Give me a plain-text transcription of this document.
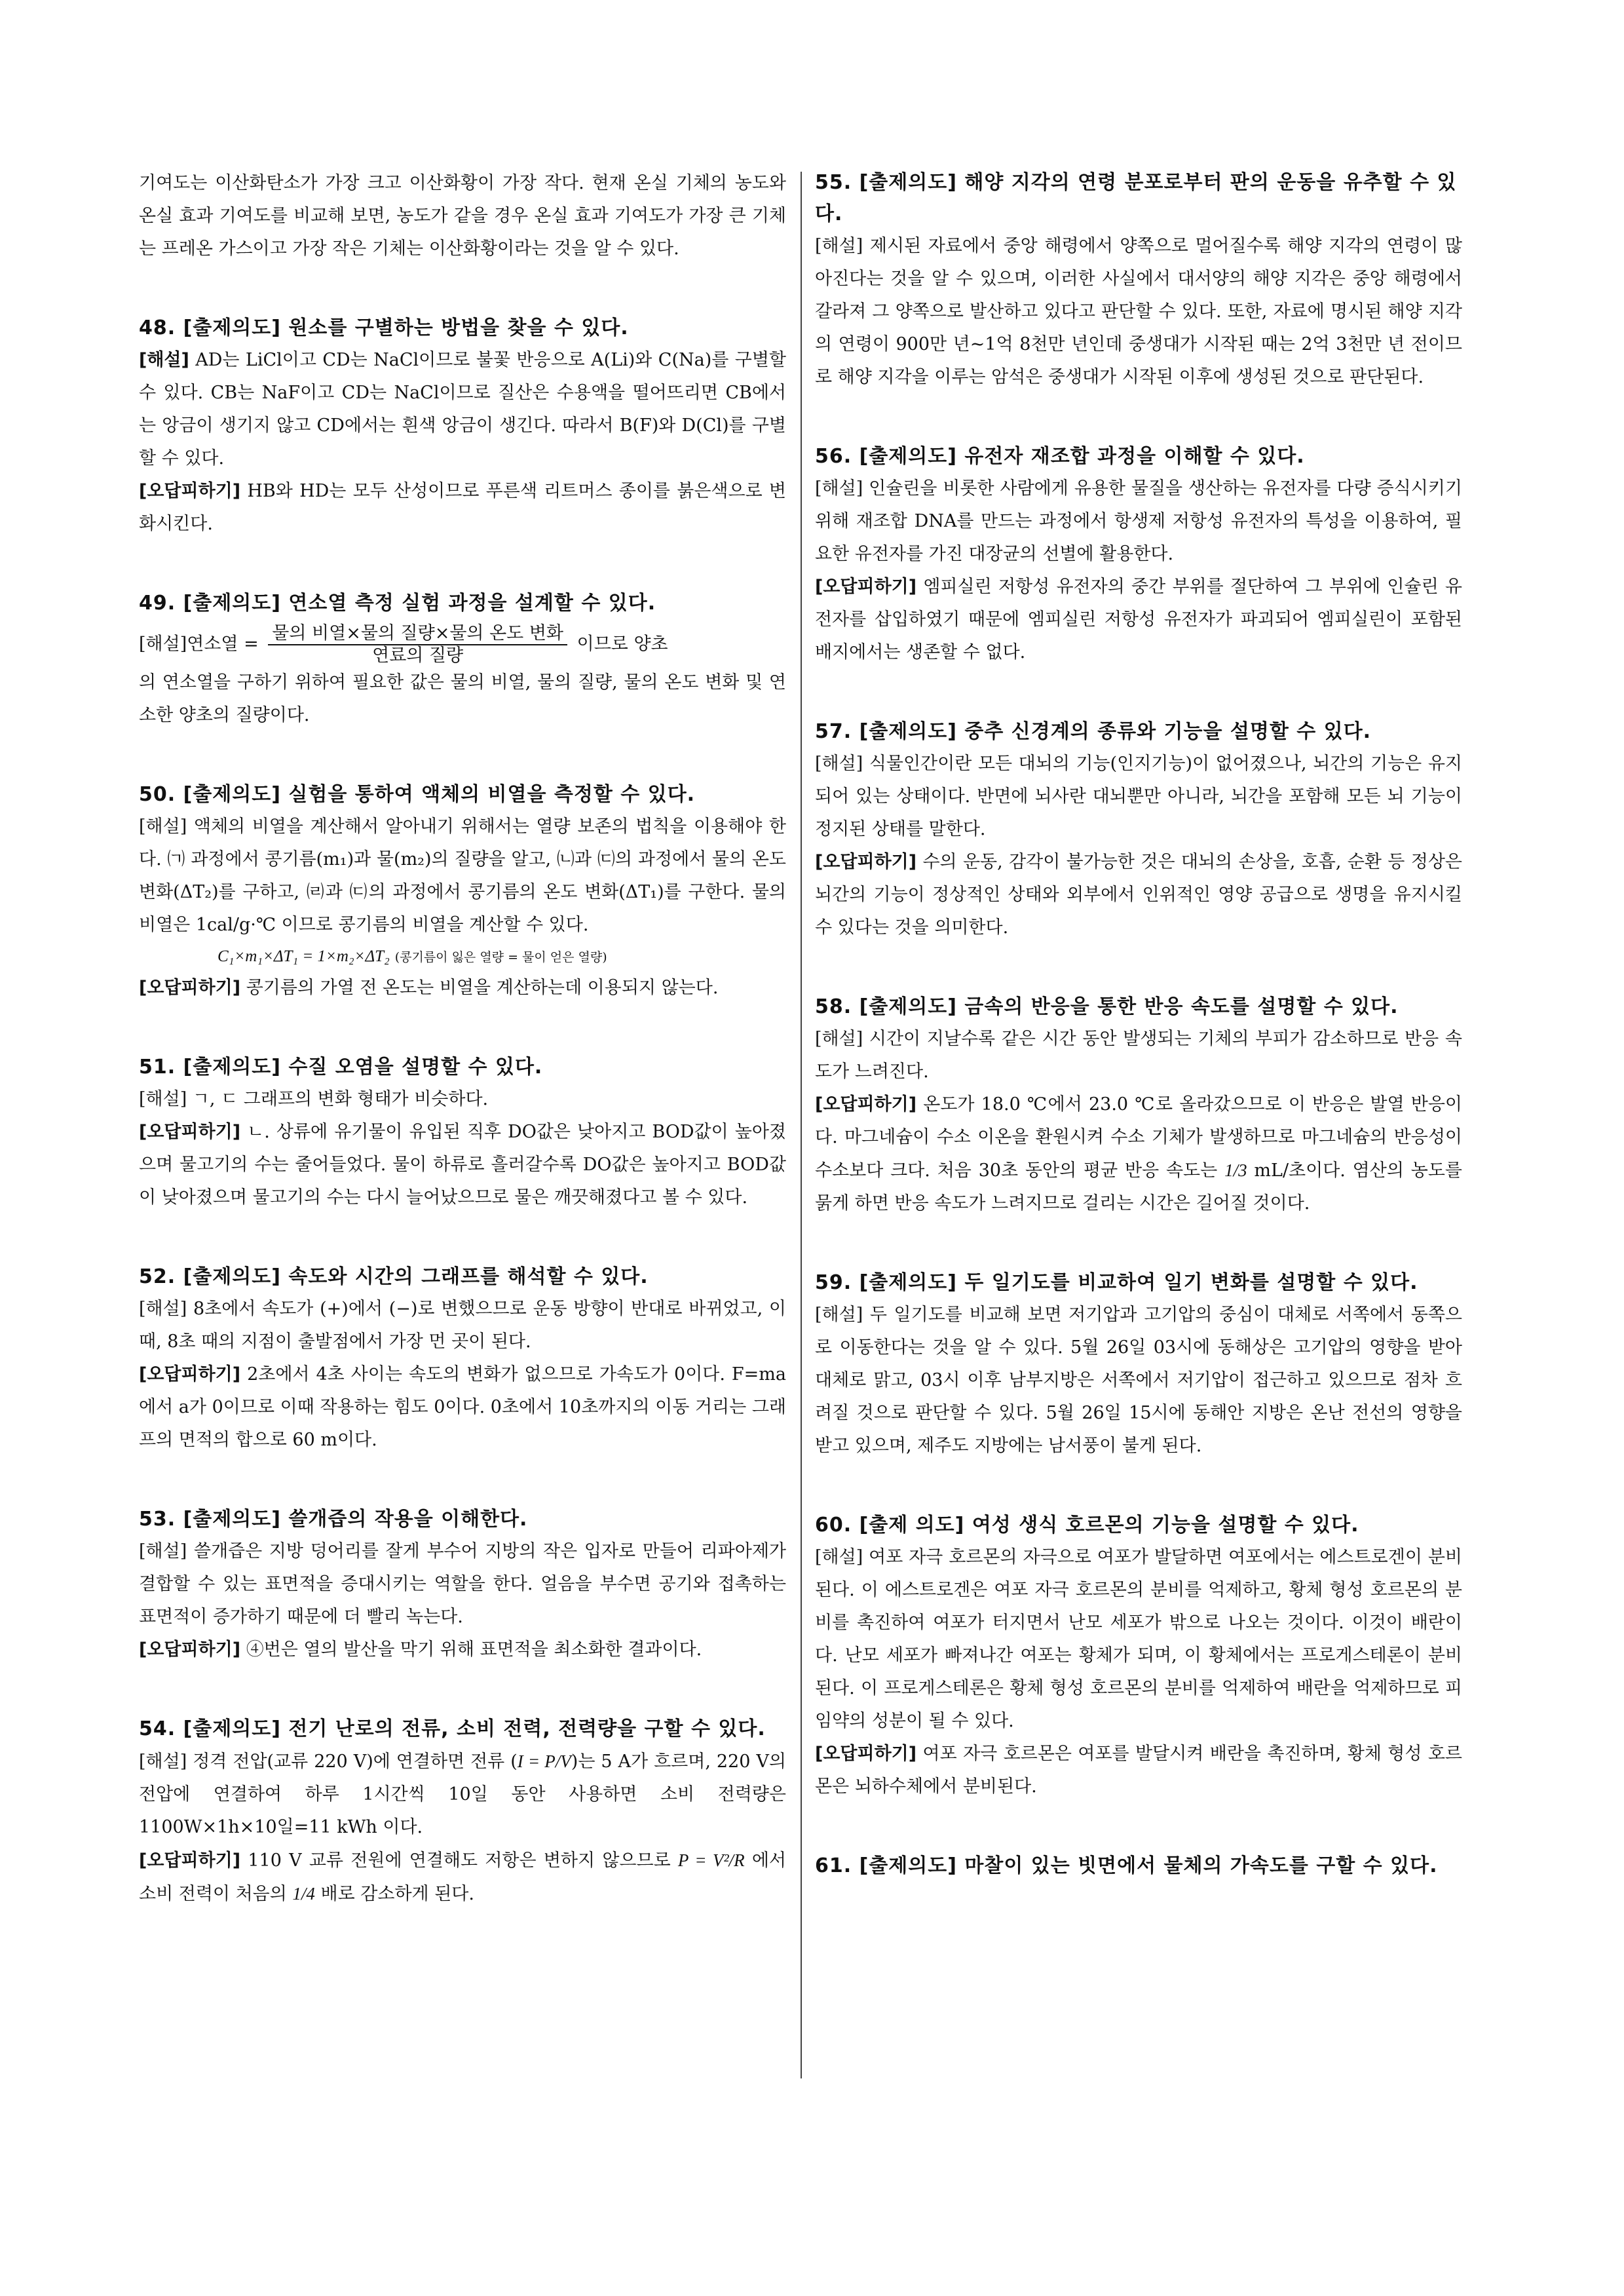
기여도는 이산화탄소가 가장 크고 이산화황이 가장 작다. 현재 온실 기체의 농도와 온실 효과 기여도를 비교해 보면, 농도가 같을 경우 온실 효과 기여도가 가장 큰 기체는 프레온 가스이고 가장 작은 기체는 이산화황이라는 것을 알 수 있다.
48. [출제의도] 원소를 구별하는 방법을 찾을 수 있다.
[해설] AD는 LiCl이고 CD는 NaCl이므로 불꽃 반응으로 A(Li)와 C(Na)를 구별할 수 있다. CB는 NaF이고 CD는 NaCl이므로 질산은 수용액을 떨어뜨리면 CB에서는 앙금이 생기지 않고 CD에서는 흰색 앙금이 생긴다. 따라서 B(F)와 D(Cl)를 구별할 수 있다.
[오답피하기] HB와 HD는 모두 산성이므로 푸른색 리트머스 종이를 붉은색으로 변화시킨다.
49. [출제의도] 연소열 측정 실험 과정을 설계할 수 있다.
[해설]연소열 = $\frac{\text{물의 비열×물의 질량×물의 온도 변화}}{\text{연료의 질량}}$ 이므로 양초
의 연소열을 구하기 위하여 필요한 값은 물의 비열, 물의 질량, 물의 온도 변화 및 연소한 양초의 질량이다.
50. [출제의도] 실험을 통하여 액체의 비열을 측정할 수 있다.
[해설] 액체의 비열을 계산해서 알아내기 위해서는 열량 보존의 법칙을 이용해야 한다. ㈀ 과정에서 콩기름(m₁)과 물(m₂)의 질량을 알고, ㈁과 ㈂의 과정에서 물의 온도 변화(ΔT₂)를 구하고, ㈃과 ㈂의 과정에서 콩기름의 온도 변화(ΔT₁)를 구한다. 물의 비열은 1cal/g·℃ 이므로 콩기름의 비열을 계산할 수 있다.
C₁×m₁×ΔT₁ = 1×m₂×ΔT₂ (콩기름이 잃은 열량 = 물이 얻은 열량)
[오답피하기] 콩기름의 가열 전 온도는 비열을 계산하는데 이용되지 않는다.
51. [출제의도] 수질 오염을 설명할 수 있다.
[해설] ㄱ, ㄷ 그래프의 변화 형태가 비슷하다.
[오답피하기] ㄴ. 상류에 유기물이 유입된 직후 DO값은 낮아지고 BOD값이 높아졌으며 물고기의 수는 줄어들었다. 물이 하류로 흘러갈수록 DO값은 높아지고 BOD값이 낮아졌으며 물고기의 수는 다시 늘어났으므로 물은 깨끗해졌다고 볼 수 있다.
52. [출제의도] 속도와 시간의 그래프를 해석할 수 있다.
[해설] 8초에서 속도가 (+)에서 (−)로 변했으므로 운동 방향이 반대로 바뀌었고, 이때, 8초 때의 지점이 출발점에서 가장 먼 곳이 된다.
[오답피하기] 2초에서 4초 사이는 속도의 변화가 없으므로 가속도가 0이다. F=ma에서 a가 0이므로 이때 작용하는 힘도 0이다. 0초에서 10초까지의 이동 거리는 그래프의 면적의 합으로 60 m이다.
53. [출제의도] 쓸개즙의 작용을 이해한다.
[해설] 쓸개즙은 지방 덩어리를 잘게 부수어 지방의 작은 입자로 만들어 리파아제가 결합할 수 있는 표면적을 증대시키는 역할을 한다. 얼음을 부수면 공기와 접촉하는 표면적이 증가하기 때문에 더 빨리 녹는다.
[오답피하기] ④번은 열의 발산을 막기 위해 표면적을 최소화한 결과이다.
54. [출제의도] 전기 난로의 전류, 소비 전력, 전력량을 구할 수 있다.
[해설] 정격 전압(교류 220 V)에 연결하면 전류 (I = P/V)는 5 A가 흐르며, 220 V의 전압에 연결하여 하루 1시간씩 10일 동안 사용하면 소비 전력량은 1100W×1h×10일=11 kWh 이다.
[오답피하기] 110 V 교류 전원에 연결해도 저항은 변하지 않으므로 P = V²/R 에서 소비 전력이 처음의 1/4 배로 감소하게 된다.
55. [출제의도] 해양 지각의 연령 분포로부터 판의 운동을 유추할 수 있다.
[해설] 제시된 자료에서 중앙 해령에서 양쪽으로 멀어질수록 해양 지각의 연령이 많아진다는 것을 알 수 있으며, 이러한 사실에서 대서양의 해양 지각은 중앙 해령에서 갈라져 그 양쪽으로 발산하고 있다고 판단할 수 있다. 또한, 자료에 명시된 해양 지각의 연령이 900만 년~1억 8천만 년인데 중생대가 시작된 때는 2억 3천만 년 전이므로 해양 지각을 이루는 암석은 중생대가 시작된 이후에 생성된 것으로 판단된다.
56. [출제의도] 유전자 재조합 과정을 이해할 수 있다.
[해설] 인슐린을 비롯한 사람에게 유용한 물질을 생산하는 유전자를 다량 증식시키기 위해 재조합 DNA를 만드는 과정에서 항생제 저항성 유전자의 특성을 이용하여, 필요한 유전자를 가진 대장균의 선별에 활용한다.
[오답피하기] 엠피실린 저항성 유전자의 중간 부위를 절단하여 그 부위에 인슐린 유전자를 삽입하였기 때문에 엠피실린 저항성 유전자가 파괴되어 엠피실린이 포함된 배지에서는 생존할 수 없다.
57. [출제의도] 중추 신경계의 종류와 기능을 설명할 수 있다.
[해설] 식물인간이란 모든 대뇌의 기능(인지기능)이 없어졌으나, 뇌간의 기능은 유지되어 있는 상태이다. 반면에 뇌사란 대뇌뿐만 아니라, 뇌간을 포함해 모든 뇌 기능이 정지된 상태를 말한다.
[오답피하기] 수의 운동, 감각이 불가능한 것은 대뇌의 손상을, 호흡, 순환 등 정상은 뇌간의 기능이 정상적인 상태와 외부에서 인위적인 영양 공급으로 생명을 유지시킬 수 있다는 것을 의미한다.
58. [출제의도] 금속의 반응을 통한 반응 속도를 설명할 수 있다.
[해설] 시간이 지날수록 같은 시간 동안 발생되는 기체의 부피가 감소하므로 반응 속도가 느려진다.
[오답피하기] 온도가 18.0 ℃에서 23.0 ℃로 올라갔으므로 이 반응은 발열 반응이다. 마그네슘이 수소 이온을 환원시켜 수소 기체가 발생하므로 마그네슘의 반응성이 수소보다 크다. 처음 30초 동안의 평균 반응 속도는 1/3 mL/초이다. 염산의 농도를 묽게 하면 반응 속도가 느려지므로 걸리는 시간은 길어질 것이다.
59. [출제의도] 두 일기도를 비교하여 일기 변화를 설명할 수 있다.
[해설] 두 일기도를 비교해 보면 저기압과 고기압의 중심이 대체로 서쪽에서 동쪽으로 이동한다는 것을 알 수 있다. 5월 26일 03시에 동해상은 고기압의 영향을 받아 대체로 맑고, 03시 이후 남부지방은 서쪽에서 저기압이 접근하고 있으므로 점차 흐려질 것으로 판단할 수 있다. 5월 26일 15시에 동해안 지방은 온난 전선의 영향을 받고 있으며, 제주도 지방에는 남서풍이 불게 된다.
60. [출제 의도] 여성 생식 호르몬의 기능을 설명할 수 있다.
[해설] 여포 자극 호르몬의 자극으로 여포가 발달하면 여포에서는 에스트로겐이 분비된다. 이 에스트로겐은 여포 자극 호르몬의 분비를 억제하고, 황체 형성 호르몬의 분비를 촉진하여 여포가 터지면서 난모 세포가 밖으로 나오는 것이다. 이것이 배란이다. 난모 세포가 빠져나간 여포는 황체가 되며, 이 황체에서는 프로게스테론이 분비된다. 이 프로게스테론은 황체 형성 호르몬의 분비를 억제하여 배란을 억제하므로 피임약의 성분이 될 수 있다.
[오답피하기] 여포 자극 호르몬은 여포를 발달시켜 배란을 촉진하며, 황체 형성 호르몬은 뇌하수체에서 분비된다.
61. [출제의도] 마찰이 있는 빗면에서 물체의 가속도를 구할 수 있다.
